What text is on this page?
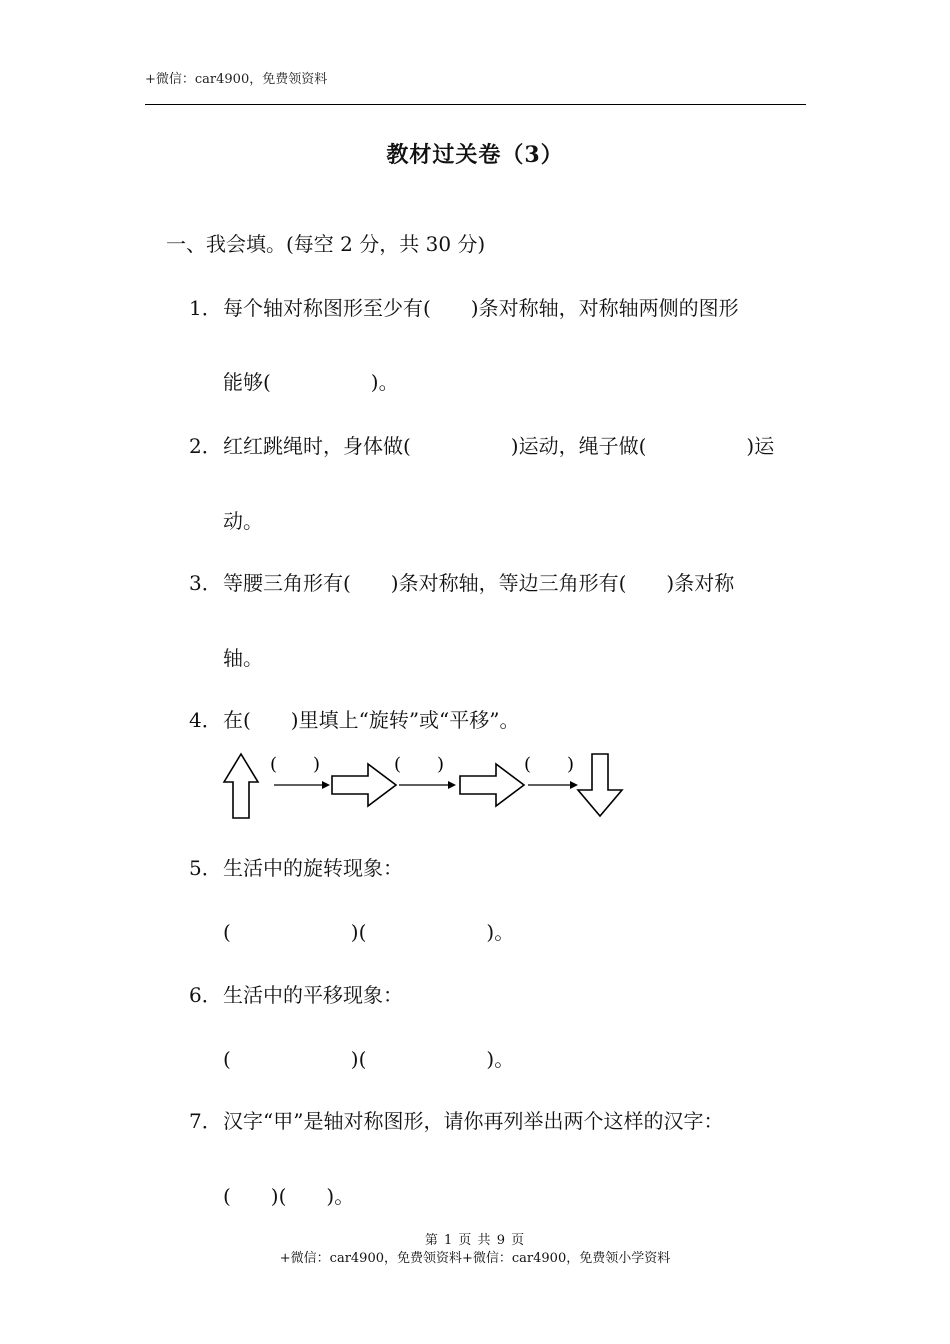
+微信：car4900，免费领资料
教材过关卷（3）
一、我会填。(每空 2 分，共 30 分)
1． 每个轴对称图形至少有(　　)条对称轴，对称轴两侧的图形
能够(　　　　　)。
2． 红红跳绳时，身体做(　　　　　)运动，绳子做(　　　　　)运
动。
3． 等腰三角形有(　　)条对称轴，等边三角形有(　　)条对称
轴。
4． 在(　　)里填上“旋转”或“平移”。
(　　)	(　　)	(　　)
5． 生活中的旋转现象：
(　　　　　　)(　　　　　　)。
6． 生活中的平移现象：
(　　　　　　)(　　　　　　)。
7． 汉字“甲”是轴对称图形，请你再列举出两个这样的汉字：
(　　)(　　)。
第 1 页 共 9 页
+微信：car4900，免费领资料+微信：car4900，免费领小学资料
